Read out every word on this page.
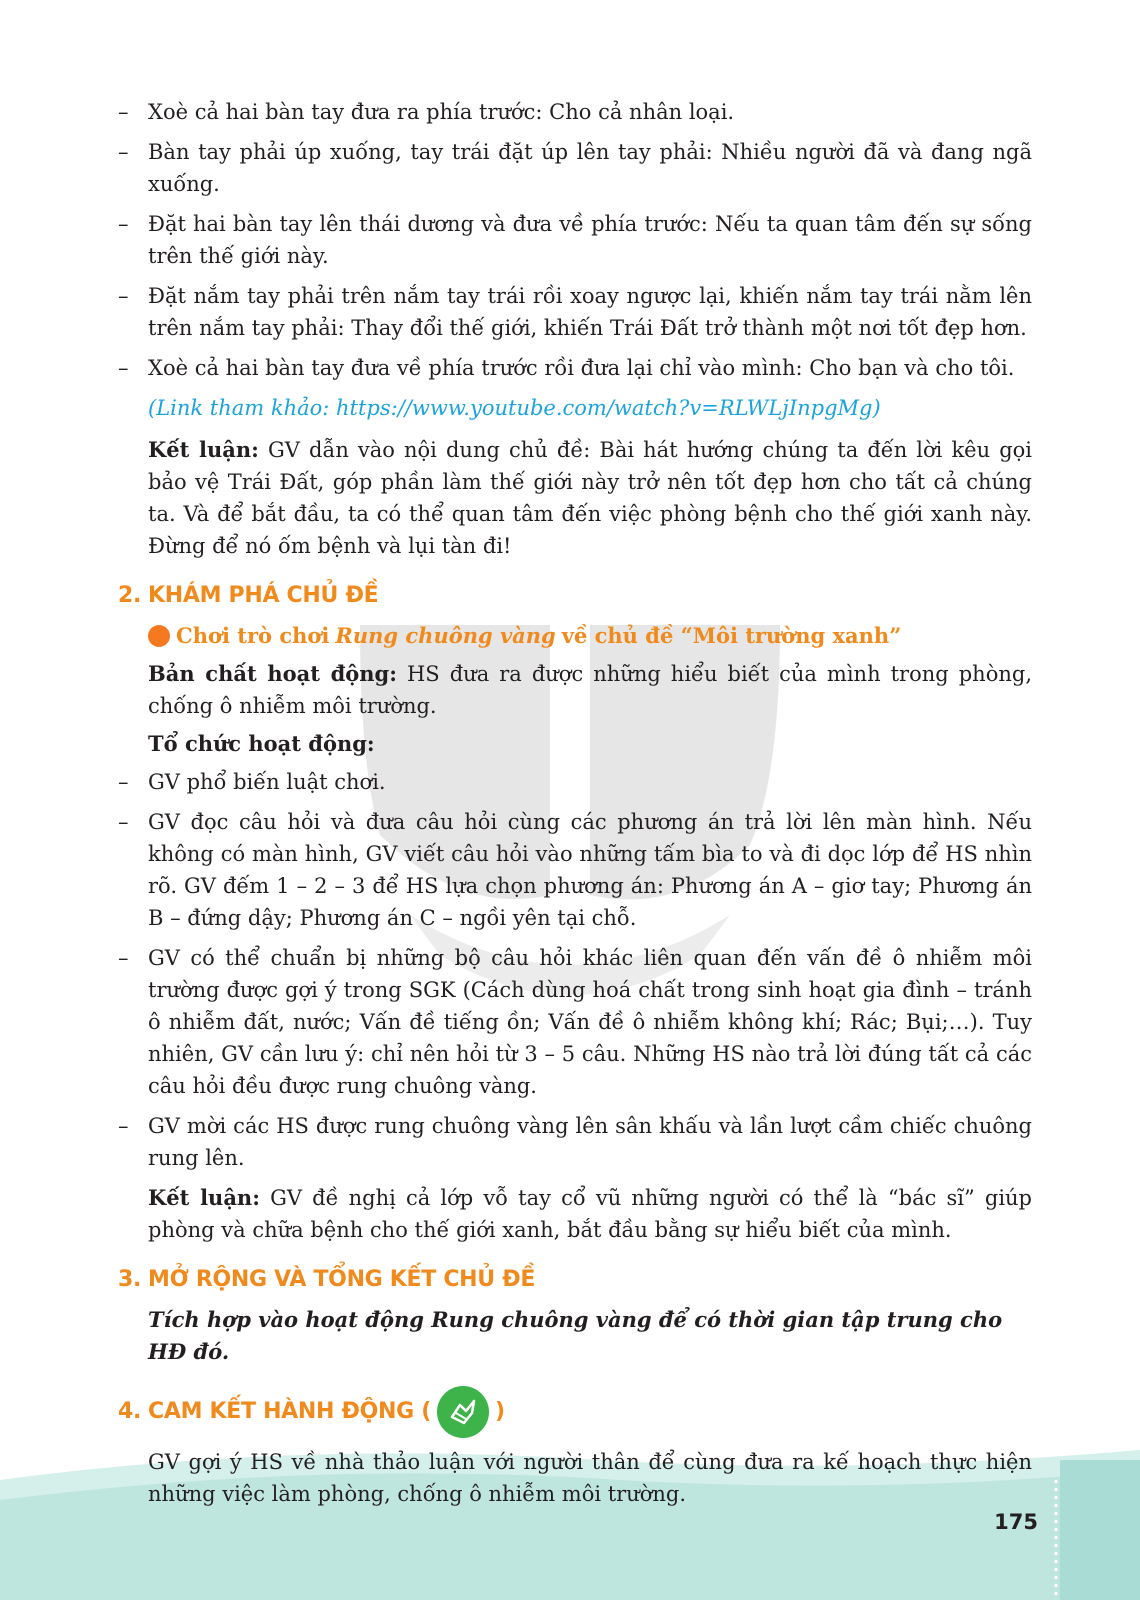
– Xoè cả hai bàn tay đưa ra phía trước: Cho cả nhân loại.
– Bàn tay phải úp xuống, tay trái đặt úp lên tay phải: Nhiều người đã và đang ngã xuống.
– Đặt hai bàn tay lên thái dương và đưa về phía trước: Nếu ta quan tâm đến sự sống trên thế giới này.
– Đặt nắm tay phải trên nắm tay trái rồi xoay ngược lại, khiến nắm tay trái nằm lên trên nắm tay phải: Thay đổi thế giới, khiến Trái Đất trở thành một nơi tốt đẹp hơn.
– Xoè cả hai bàn tay đưa về phía trước rồi đưa lại chỉ vào mình: Cho bạn và cho tôi.
(Link tham khảo: https://www.youtube.com/watch?v=RLWLjInpgMg)

Kết luận: GV dẫn vào nội dung chủ đề: Bài hát hướng chúng ta đến lời kêu gọi bảo vệ Trái Đất, góp phần làm thế giới này trở nên tốt đẹp hơn cho tất cả chúng ta. Và để bắt đầu, ta có thể quan tâm đến việc phòng bệnh cho thế giới xanh này. Đừng để nó ốm bệnh và lụi tàn đi!

2. KHÁM PHÁ CHỦ ĐỀ
Chơi trò chơi Rung chuông vàng về chủ đề “Môi trường xanh”

Bản chất hoạt động: HS đưa ra được những hiểu biết của mình trong phòng, chống ô nhiễm môi trường.

Tổ chức hoạt động:

– GV phổ biến luật chơi.
– GV đọc câu hỏi và đưa câu hỏi cùng các phương án trả lời lên màn hình. Nếu không có màn hình, GV viết câu hỏi vào những tấm bìa to và đi dọc lớp để HS nhìn rõ. GV đếm 1 – 2 – 3 để HS lựa chọn phương án: Phương án A – giơ tay; Phương án B – đứng dậy; Phương án C – ngồi yên tại chỗ.
– GV có thể chuẩn bị những bộ câu hỏi khác liên quan đến vấn đề ô nhiễm môi trường được gợi ý trong SGK (Cách dùng hoá chất trong sinh hoạt gia đình – tránh ô nhiễm đất, nước; Vấn đề tiếng ồn; Vấn đề ô nhiễm không khí; Rác; Bụi;…). Tuy nhiên, GV cần lưu ý: chỉ nên hỏi từ 3 – 5 câu. Những HS nào trả lời đúng tất cả các câu hỏi đều được rung chuông vàng.
– GV mời các HS được rung chuông vàng lên sân khấu và lần lượt cầm chiếc chuông rung lên.

Kết luận: GV đề nghị cả lớp vỗ tay cổ vũ những người có thể là “bác sĩ” giúp phòng và chữa bệnh cho thế giới xanh, bắt đầu bằng sự hiểu biết của mình.

3. MỞ RỘNG VÀ TỔNG KẾT CHỦ ĐỀ
Tích hợp vào hoạt động Rung chuông vàng để có thời gian tập trung cho HĐ đó.
4. CAM KẾT HÀNH ĐỘNG (	)

GV gợi ý HS về nhà thảo luận với người thân để cùng đưa ra kế hoạch thực hiện những việc làm phòng, chống ô nhiễm môi trường.

175
